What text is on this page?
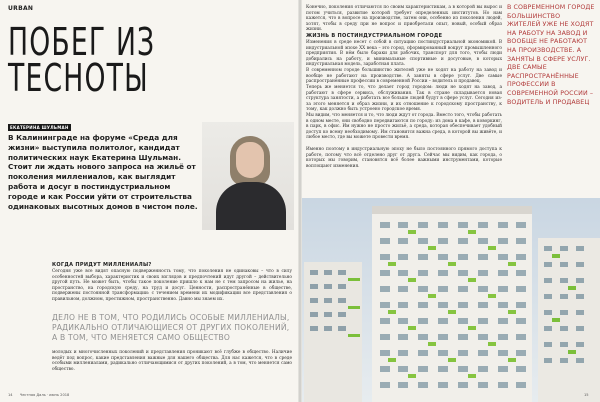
URBAN
ПОБЕГ ИЗ ТЕСНОТЫ
ЕКАТЕРИНА ШУЛЬМАН

В Калининграде на форуме «Среда для жизни» выступила политолог, кандидат политических наук Екатерина Шульман. Стоит ли ждать нового запроса на жильё от поколения миллениалов, как выглядит работа и досуг в постиндустриальном городе и как России уйти от строительства одинаковых высотных домов в чистом поле.

КОГДА ПРИДУТ МИЛЛЕНИАЛЫ?

Сегодня уже все видят опасную подверженность тому, что поколения не одинаковы – что в силу особенностей выбора, характеристик и своих взглядов и предпочтений идут другой – действительно другой путь. Не может быть, чтобы такое поколение пришло к нам не с тем запросом на жилье, на пространство, на городскую среду, на труд и досуг. Ценности, распространённые в обществе, подвержены постоянной трансформации: с течением времени их модификации все представления о правильном, должном, престижном, пространственно. Давно мы знаем их.

ДЕЛО НЕ В ТОМ, ЧТО РОДИЛИСЬ ОСОБЫЕ МИЛЛЕНИАЛЫ, РАДИКАЛЬНО ОТЛИЧАЮЩИЕСЯ ОТ ДРУГИХ ПОКОЛЕНИЙ, А В ТОМ, ЧТО МЕНЯЕТСЯ САМО ОБЩЕСТВО

молодых и многочисленных поколений и представления проникают всё глубже в общество. Наличие ведёт под вопрос, какие представления важные для нашего общества. Для нас кажется, что в среде особыми миллениалами, радикально отличающимися от других поколений, а в том, что меняется само общество.

14 Честная Даль · июнь 2018

Конечно, поколения отличаются по своим характеристикам, а в которой вы вырос и потом учиться, развитие которой требует определенных институтов. Но нам кажется, что в вопросе на производстве, затем они, особенно из поколения людей, хотят, чтобы в среду при не вопрос и приобретали опыт, новый, особый образ жизни.

ЖИЗНЬ В ПОСТИНДУСТРИАЛЬНОМ ГОРОДЕ

Изменения в среде несет с собой в ситуацию постиндустриальной экономикой. В индустриальной эпохе XX века – это город, сформированный вокруг промышленного предприятия. В нём было бараки для рабочих, транспорт для того, чтобы люди добирались на работу, и минимальные спортивные и досуговые, в которых индустриальная модель, заработная плата.

В современном городе большинство жителей уже не ходят на работу на завод и вообще не работают на производстве. А заняты в сфере услуг. Две самые распространённые профессии в современной России – водитель и продавец.

Теперь же меняется то, что делает город городом: люди не ходят на завод, а работают в сфере сервиса, обслуживания. Так в стране складывается новая структура занятости, а работать все больше людей будут в сфере услуг. Сегодня из-за этого меняется и образ жизни, и их отношение к городскому пространству, к тому, как должно быть устроено городское время.

Мы видим, что меняется и то, что люди ждут от города. Вместо того, чтобы работать в одном месте, они свободно передвигаются по городу: из дома в кафе, в коворкинг, в парк, в офис. Им нужно не просто жильё, а среда, которая обеспечивает удобный доступ ко всему необходимому. Им становится важна среда, в которой вы живёте, и любое место, где вы можете провести время.

Именно поэтому в индустриальную эпоху не было постоянного прямого доступа к работе, потому что всё отделено друг от друга. Сейчас мы видим, как города, о которых мы говорим, становятся всё более важными инструментами, которые воплощают изменения.

В СОВРЕМЕННОМ ГОРОДЕ БОЛЬШИНСТВО ЖИТЕЛЕЙ УЖЕ НЕ ХОДЯТ НА РАБОТУ НА ЗАВОД И ВООБЩЕ НЕ РАБОТАЮТ НА ПРОИЗВОДСТВЕ. А ЗАНЯТЫ В СФЕРЕ УСЛУГ. ДВЕ САМЫЕ РАСПРОСТРАНЁННЫЕ ПРОФЕССИИ В СОВРЕМЕННОЙ РОССИИ – ВОДИТЕЛЬ И ПРОДАВЕЦ

15
